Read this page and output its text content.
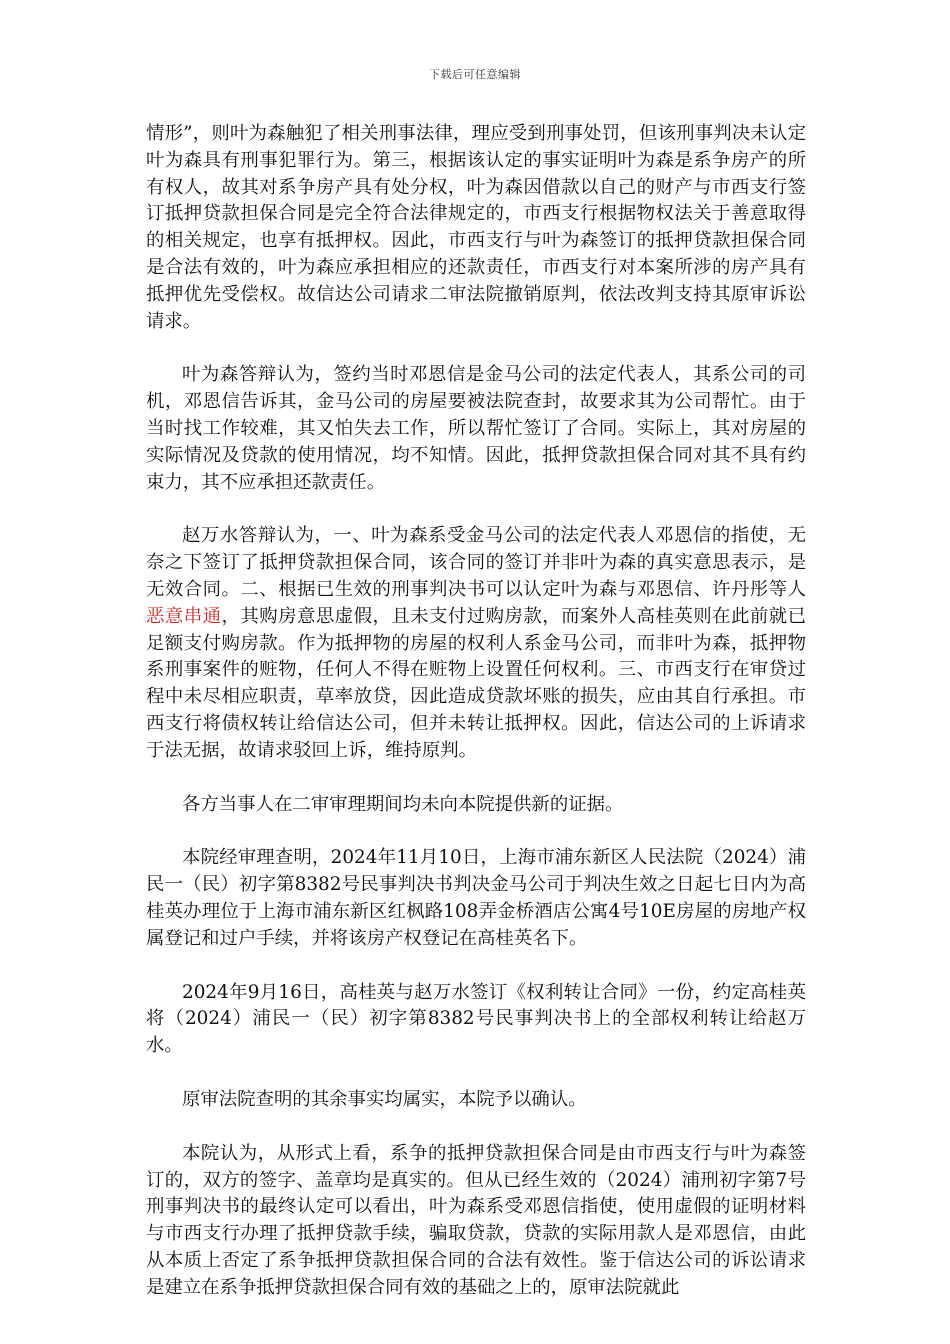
下载后可任意编辑

情形”，则叶为森触犯了相关刑事法律，理应受到刑事处罚，但该刑事判决未认定叶为森具有刑事犯罪行为。第三，根据该认定的事实证明叶为森是系争房产的所有权人，故其对系争房产具有处分权，叶为森因借款以自己的财产与市西支行签订抵押贷款担保合同是完全符合法律规定的，市西支行根据物权法关于善意取得的相关规定，也享有抵押权。因此，市西支行与叶为森签订的抵押贷款担保合同是合法有效的，叶为森应承担相应的还款责任，市西支行对本案所涉的房产具有抵押优先受偿权。故信达公司请求二审法院撤销原判，依法改判支持其原审诉讼请求。

叶为森答辩认为，签约当时邓恩信是金马公司的法定代表人，其系公司的司机，邓恩信告诉其，金马公司的房屋要被法院查封，故要求其为公司帮忙。由于当时找工作较难，其又怕失去工作，所以帮忙签订了合同。实际上，其对房屋的实际情况及贷款的使用情况，均不知情。因此，抵押贷款担保合同对其不具有约束力，其不应承担还款责任。

赵万水答辩认为，一、叶为森系受金马公司的法定代表人邓恩信的指使，无奈之下签订了抵押贷款担保合同，该合同的签订并非叶为森的真实意思表示，是无效合同。二、根据已生效的刑事判决书可以认定叶为森与邓恩信、许丹彤等人恶意串通，其购房意思虚假，且未支付过购房款，而案外人高桂英则在此前就已足额支付购房款。作为抵押物的房屋的权利人系金马公司，而非叶为森，抵押物系刑事案件的赃物，任何人不得在赃物上设置任何权利。三、市西支行在审贷过程中未尽相应职责，草率放贷，因此造成贷款坏账的损失，应由其自行承担。市西支行将债权转让给信达公司，但并未转让抵押权。因此，信达公司的上诉请求于法无据，故请求驳回上诉，维持原判。

各方当事人在二审审理期间均未向本院提供新的证据。

本院经审理查明，2024年11月10日，上海市浦东新区人民法院（2024）浦民一（民）初字第8382号民事判决书判决金马公司于判决生效之日起七日内为高桂英办理位于上海市浦东新区红枫路108弄金桥酒店公寓4号10E房屋的房地产权属登记和过户手续，并将该房产权登记在高桂英名下。

2024年9月16日，高桂英与赵万水签订《权利转让合同》一份，约定高桂英将（2024）浦民一（民）初字第8382号民事判决书上的全部权利转让给赵万水。

原审法院查明的其余事实均属实，本院予以确认。

本院认为，从形式上看，系争的抵押贷款担保合同是由市西支行与叶为森签订的，双方的签字、盖章均是真实的。但从已经生效的（2024）浦刑初字第7号刑事判决书的最终认定可以看出，叶为森系受邓恩信指使，使用虚假的证明材料与市西支行办理了抵押贷款手续，骗取贷款，贷款的实际用款人是邓恩信，由此从本质上否定了系争抵押贷款担保合同的合法有效性。鉴于信达公司的诉讼请求是建立在系争抵押贷款担保合同有效的基础之上的，原审法院就此
